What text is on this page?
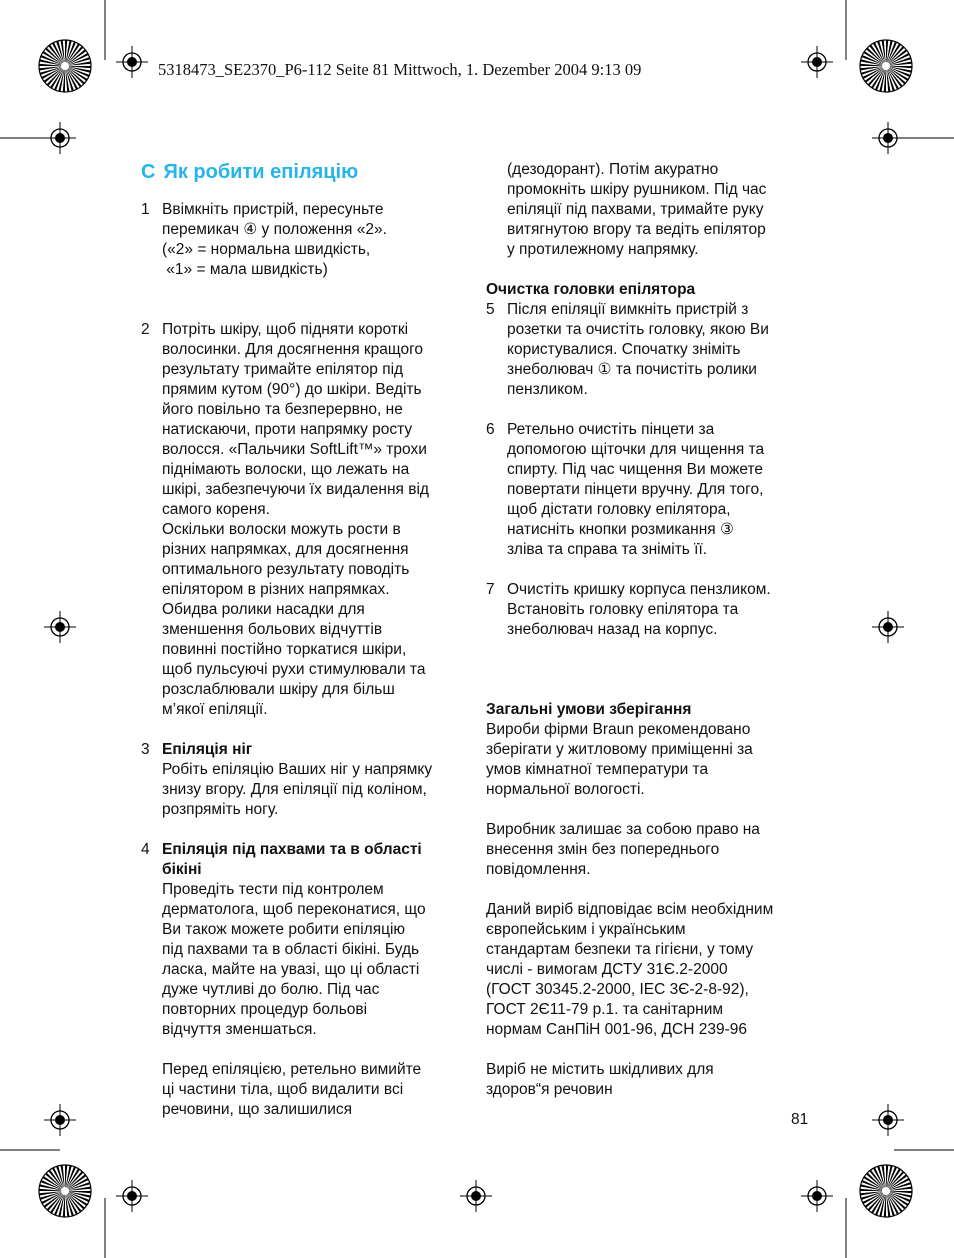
5318473_SE2370_P6-112 Seite 81 Mittwoch, 1. Dezember 2004 9:13 09
C Як робити епіляцію
1 Ввімкніть пристрій, пересуньте

перемикач ④ у положення «2».

(«2» = нормальна швидкість,

«1» = мала швидкість)

2 Потріть шкіру, щоб підняти короткі

волосинки. Для досягнення кращого

результату тримайте епілятор під

прямим кутом (90°) до шкіри. Ведіть

його повільно та безперервно, не

натискаючи, проти напрямку росту

волосся. «Пальчики SoftLift™» трохи

піднімають волоски, що лежать на

шкірі, забезпечуючи їх видалення від

самого кореня.

Оскільки волоски можуть рости в

різних напрямках, для досягнення

оптимального результату поводіть

епілятором в різних напрямках.

Обидва ролики насадки для

зменшення больових відчуттів

повинні постійно торкатися шкіри,

щоб пульсуючі рухи стимулювали та

розслаблювали шкіру для більш

м’якої епіляції.

3 Епіляція ніг

Робіть епіляцію Ваших ніг у напрямку

знизу вгору. Для епіляції під коліном,

розпряміть ногу.

4 Епіляція під пахвами та в області

бікіні

Проведіть тести під контролем

дерматолога, щоб переконатися, що

Ви також можете робити епіляцію

під пахвами та в області бікіні. Будь

ласка, майте на увазі, що ці області

дуже чутливі до болю. Під час

повторних процедур больові

відчуття зменшаться.

Перед епіляцією, ретельно вимийте

ці частини тіла, щоб видалити всі

речовини, що залишилися

(дезодорант). Потім акуратно

промокніть шкіру рушником. Під час

епіляції під пахвами, тримайте руку

витягнутою вгору та ведіть епілятор

у протилежному напрямку.

Очистка головки епілятора

5 Після епіляції вимкніть пристрій з

розетки та очистіть головку, якою Ви

користувалися. Спочатку зніміть

знеболювач ① та почистіть ролики

пензликом.

6 Ретельно очистіть пінцети за

допомогою щіточки для чищення та

спирту. Під час чищення Ви можете

повертати пінцети вручну. Для того,

щоб дістати головку епілятора,

натисніть кнопки розмикання ③

зліва та справа та зніміть її.

7 Очистіть кришку корпуса пензликом.

Встановіть головку епілятора та

знеболювач назад на корпус.

Загальні умови зберігання

Вироби фірми Braun рекомендовано

зберігати у житловому приміщенні за

умов кімнатної температури та

нормальної вологості.

Виробник залишає за собою право на

внесення змін без попереднього

повідомлення.

Даний виріб відповідає всім необхідним

європейським і українським

стандартам безпеки та гігієни, у тому

числі - вимогам ДСТУ 31Є.2-2000

(ГОСТ 30345.2-2000, IEC 3Є-2-8-92),

ГОСТ 2Є11-79 р.1. та санітарним

нормам СанПіН 001-96, ДСН 239-96

Виріб не містить шкідливих для

здоров“я речовин

81
